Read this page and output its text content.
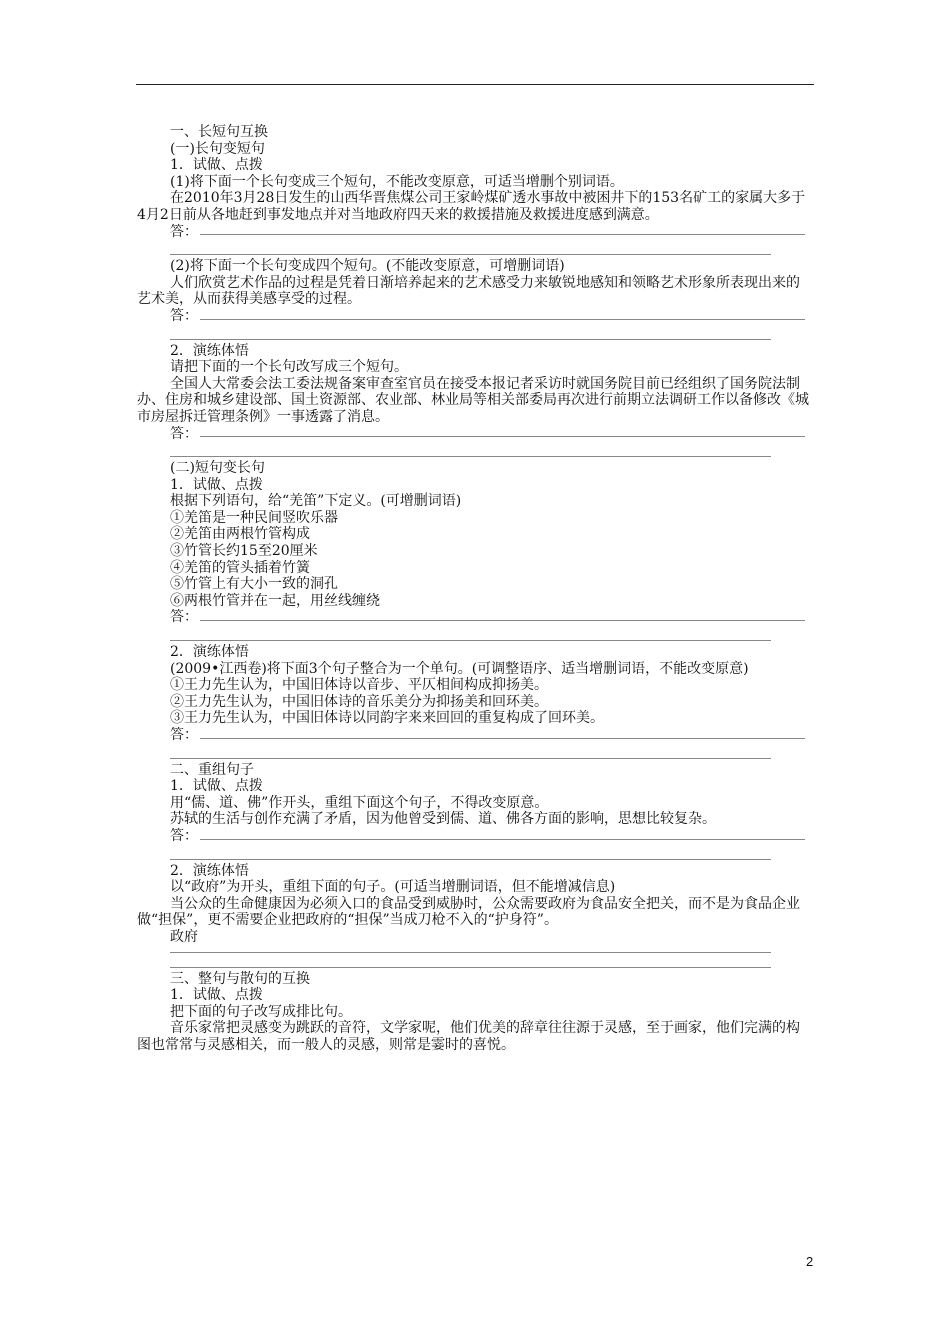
一、长短句互换

(一)长句变短句

1．试做、点拨

(1)将下面一个长句变成三个短句，不能改变原意，可适当增删个别词语。

在2010年3月28日发生的山西华晋焦煤公司王家岭煤矿透水事故中被困井下的153名矿工的家属大多于4月2日前从各地赶到事发地点并对当地政府四天来的救援措施及救援进度感到满意。

答：

(2)将下面一个长句变成四个短句。(不能改变原意，可增删词语)

人们欣赏艺术作品的过程是凭着日渐培养起来的艺术感受力来敏锐地感知和领略艺术形象所表现出来的艺术美，从而获得美感享受的过程。

答：

2．演练体悟

请把下面的一个长句改写成三个短句。

全国人大常委会法工委法规备案审查室官员在接受本报记者采访时就国务院目前已经组织了国务院法制办、住房和城乡建设部、国土资源部、农业部、林业局等相关部委局再次进行前期立法调研工作以备修改《城市房屋拆迁管理条例》一事透露了消息。

答：

(二)短句变长句

1．试做、点拨

根据下列语句，给“羌笛”下定义。(可增删词语)

①羌笛是一种民间竖吹乐器

②羌笛由两根竹管构成

③竹管长约15至20厘米

④羌笛的管头插着竹簧

⑤竹管上有大小一致的洞孔

⑥两根竹管并在一起，用丝线缠绕

答：

2．演练体悟

(2009•江西卷)将下面3个句子整合为一个单句。(可调整语序、适当增删词语，不能改变原意)

①王力先生认为，中国旧体诗以音步、平仄相间构成抑扬美。

②王力先生认为，中国旧体诗的音乐美分为抑扬美和回环美。

③王力先生认为，中国旧体诗以同韵字来来回回的重复构成了回环美。

答：

二、重组句子

1．试做、点拨

用“儒、道、佛”作开头，重组下面这个句子，不得改变原意。

苏轼的生活与创作充满了矛盾，因为他曾受到儒、道、佛各方面的影响，思想比较复杂。

答：

2．演练体悟

以“政府”为开头，重组下面的句子。(可适当增删词语，但不能增减信息)

当公众的生命健康因为必须入口的食品受到威胁时，公众需要政府为食品安全把关，而不是为食品企业做“担保”，更不需要企业把政府的“担保”当成刀枪不入的“护身符”。

政府

三、整句与散句的互换

1．试做、点拨

把下面的句子改写成排比句。

音乐家常把灵感变为跳跃的音符，文学家呢，他们优美的辞章往往源于灵感，至于画家，他们完满的构图也常常与灵感相关，而一般人的灵感，则常是霎时的喜悦。

2
